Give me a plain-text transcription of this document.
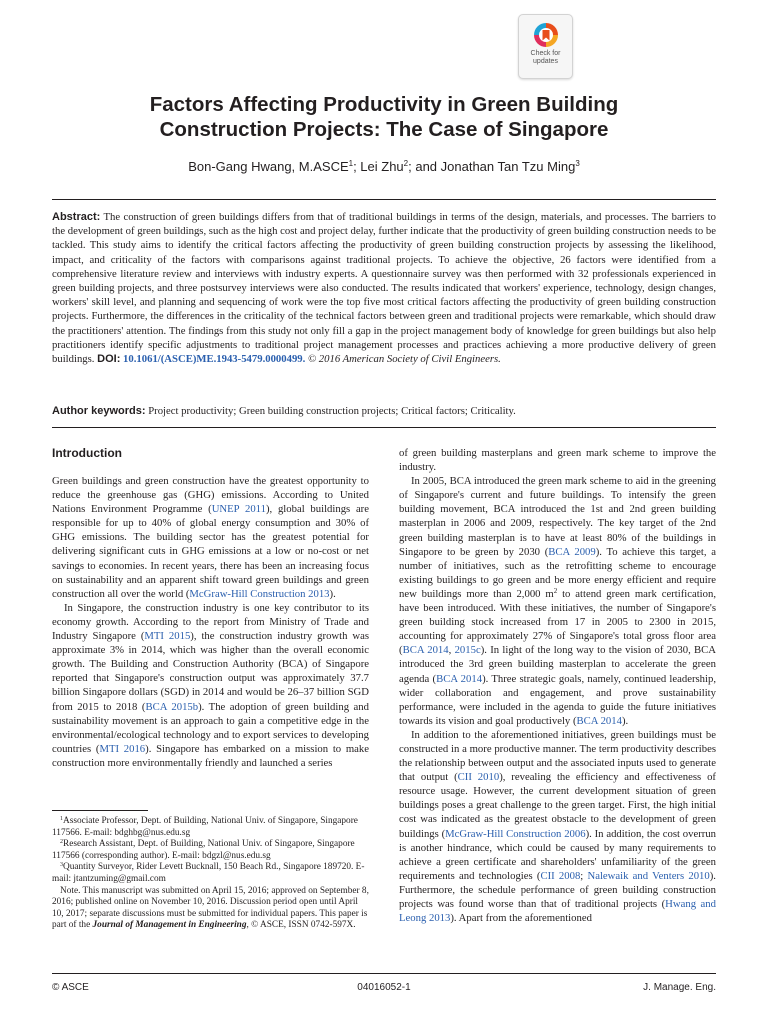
Check for
updates
Factors Affecting Productivity in Green Building
Construction Projects: The Case of Singapore
Bon-Gang Hwang, M.ASCE$^1$; Lei Zhu$^2$; and Jonathan Tan Tzu Ming$^3$
Abstract: The construction of green buildings differs from that of traditional buildings in terms of the design, materials, and processes. The barriers to the development of green buildings, such as the high cost and project delay, further indicate that the productivity of green building construction needs to be tackled. This study aims to identify the critical factors affecting the productivity of green building construction projects by assessing the likelihood, impact, and criticality of the factors with comparisons against traditional projects. To achieve the objective, 26 factors were identified from a comprehensive literature review and interviews with industry experts. A questionnaire survey was then performed with 32 professionals experienced in green building projects, and three postsurvey interviews were also conducted. The results indicated that workers' experience, technology, design changes, workers' skill level, and planning and sequencing of work were the top five most critical factors affecting the productivity of green building construction projects. Furthermore, the differences in the criticality of the technical factors between green and traditional projects were remarkable, which should draw the practitioners' attention. The findings from this study not only fill a gap in the project management body of knowledge for green buildings but also help practitioners identify specific adjustments to traditional project management processes and practices achieving a more productive delivery of green buildings. DOI: 10.1061/(ASCE)ME.1943-5479.0000499. © 2016 American Society of Civil Engineers.
Author keywords: Project productivity; Green building construction projects; Critical factors; Criticality.
Introduction

Green buildings and green construction have the greatest opportunity to reduce the greenhouse gas (GHG) emissions. According to United Nations Environment Programme (UNEP 2011), global buildings are responsible for up to 40% of global energy consumption and 30% of GHG emissions. The building sector has the greatest potential for delivering significant cuts in GHG emissions at a low or no-cost or net savings to economies. In recent years, there has been an increasing focus on sustainability and an apparent shift toward green buildings and green construction all over the world (McGraw-Hill Construction 2013).

In Singapore, the construction industry is one key contributor to its economy growth. According to the report from Ministry of Trade and Industry Singapore (MTI 2015), the construction industry growth was approximate 3% in 2014, which was higher than the overall economic growth. The Building and Construction Authority (BCA) of Singapore reported that Singapore's construction output was approximately 37.7 billion Singapore dollars (SGD) in 2014 and would be 26–37 billion SGD from 2015 to 2018 (BCA 2015b). The adoption of green building and sustainability movement is an approach to gain a competitive edge in the environmental/ecological technology and to export services to developing countries (MTI 2016). Singapore has embarked on a mission to make construction more environmentally friendly and launched a series

$^1$Associate Professor, Dept. of Building, National Univ. of Singapore, Singapore 117566. E-mail: bdghbg@nus.edu.sg

$^2$Research Assistant, Dept. of Building, National Univ. of Singapore, Singapore 117566 (corresponding author). E-mail: bdgzl@nus.edu.sg

$^3$Quantity Surveyor, Rider Levett Bucknall, 150 Beach Rd., Singapore 189720. E-mail: jtantzuming@gmail.com

Note. This manuscript was submitted on April 15, 2016; approved on September 8, 2016; published online on November 10, 2016. Discussion period open until April 10, 2017; separate discussions must be submitted for individual papers. This paper is part of the Journal of Management in Engineering, © ASCE, ISSN 0742-597X.

of green building masterplans and green mark scheme to improve the industry.

In 2005, BCA introduced the green mark scheme to aid in the greening of Singapore's current and future buildings. To intensify the green building movement, BCA introduced the 1st and 2nd green building masterplan in 2006 and 2009, respectively. The key target of the 2nd green building masterplan is to have at least 80% of the buildings in Singapore to be green by 2030 (BCA 2009). To achieve this target, a number of initiatives, such as the retrofitting scheme to encourage existing buildings to go green and be more energy efficient and require new buildings more than 2,000 $m^2$ to attend green mark certification, have been introduced. With these initiatives, the number of Singapore's green building stock increased from 17 in 2005 to 2300 in 2015, accounting for approximately 27% of Singapore's total gross floor area (BCA 2014, 2015c). In light of the long way to the vision of 2030, BCA introduced the 3rd green building masterplan to accelerate the green agenda (BCA 2014). Three strategic goals, namely, continued leadership, wider collaboration and engagement, and prove sustainability performance, were included in the agenda to guide the future initiatives towards its vision and goal productively (BCA 2014).

In addition to the aforementioned initiatives, green buildings must be constructed in a more productive manner. The term productivity describes the relationship between output and the associated inputs used to generate that output (CII 2010), revealing the efficiency and effectiveness of resource usage. However, the current development situation of green buildings poses a great challenge to the green target. First, the high initial cost was indicated as the greatest obstacle to the development of green buildings (McGraw-Hill Construction 2006). In addition, the cost overrun is another hindrance, which could be caused by many requirements to achieve a green certificate and shareholders' unfamiliarity of the green requirements and technologies (CII 2008; Nalewaik and Venters 2010). Furthermore, the schedule performance of green building construction projects was found worse than that of traditional projects (Hwang and Leong 2013). Apart from the aforementioned

© ASCE	04016052-1	J. Manage. Eng.
